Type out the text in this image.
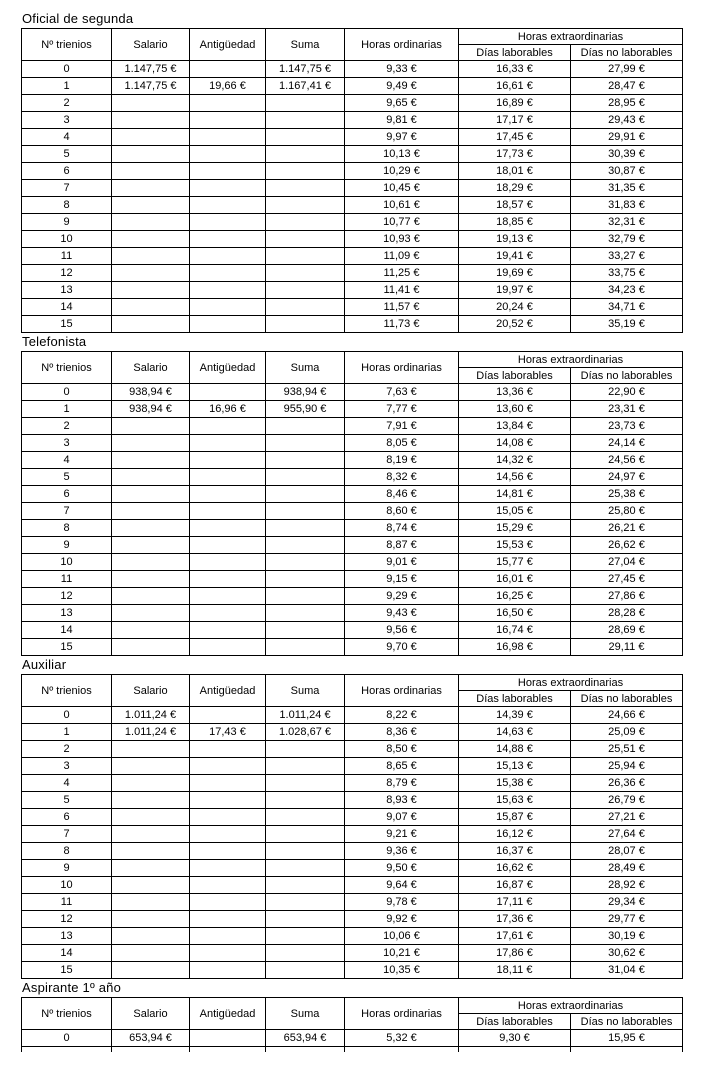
Oficial de segunda
Nº trienios	Salario	Antigüedad	Suma	Horas ordinarias	Horas extraordinarias	
					Días laborables	Días no laborables
0	1.147,75 €		1.147,75 €	9,33 €	16,33 €	27,99 €
1	1.147,75 €	19,66 €	1.167,41 €	9,49 €	16,61 €	28,47 €
2				9,65 €	16,89 €	28,95 €
3				9,81 €	17,17 €	29,43 €
4				9,97 €	17,45 €	29,91 €
5				10,13 €	17,73 €	30,39 €
6				10,29 €	18,01 €	30,87 €
7				10,45 €	18,29 €	31,35 €
8				10,61 €	18,57 €	31,83 €
9				10,77 €	18,85 €	32,31 €
10				10,93 €	19,13 €	32,79 €
11				11,09 €	19,41 €	33,27 €
12				11,25 €	19,69 €	33,75 €
13				11,41 €	19,97 €	34,23 €
14				11,57 €	20,24 €	34,71 €
15				11,73 €	20,52 €	35,19 €
Telefonista
Nº trienios	Salario	Antigüedad	Suma	Horas ordinarias	Horas extraordinarias	
					Días laborables	Días no laborables
0	938,94 €		938,94 €	7,63 €	13,36 €	22,90 €
1	938,94 €	16,96 €	955,90 €	7,77 €	13,60 €	23,31 €
2				7,91 €	13,84 €	23,73 €
3				8,05 €	14,08 €	24,14 €
4				8,19 €	14,32 €	24,56 €
5				8,32 €	14,56 €	24,97 €
6				8,46 €	14,81 €	25,38 €
7				8,60 €	15,05 €	25,80 €
8				8,74 €	15,29 €	26,21 €
9				8,87 €	15,53 €	26,62 €
10				9,01 €	15,77 €	27,04 €
11				9,15 €	16,01 €	27,45 €
12				9,29 €	16,25 €	27,86 €
13				9,43 €	16,50 €	28,28 €
14				9,56 €	16,74 €	28,69 €
15				9,70 €	16,98 €	29,11 €
Auxiliar
Nº trienios	Salario	Antigüedad	Suma	Horas ordinarias	Horas extraordinarias	
					Días laborables	Días no laborables
0	1.011,24 €		1.011,24 €	8,22 €	14,39 €	24,66 €
1	1.011,24 €	17,43 €	1.028,67 €	8,36 €	14,63 €	25,09 €
2				8,50 €	14,88 €	25,51 €
3				8,65 €	15,13 €	25,94 €
4				8,79 €	15,38 €	26,36 €
5				8,93 €	15,63 €	26,79 €
6				9,07 €	15,87 €	27,21 €
7				9,21 €	16,12 €	27,64 €
8				9,36 €	16,37 €	28,07 €
9				9,50 €	16,62 €	28,49 €
10				9,64 €	16,87 €	28,92 €
11				9,78 €	17,11 €	29,34 €
12				9,92 €	17,36 €	29,77 €
13				10,06 €	17,61 €	30,19 €
14				10,21 €	17,86 €	30,62 €
15				10,35 €	18,11 €	31,04 €
Aspirante 1º año
Nº trienios	Salario	Antigüedad	Suma	Horas ordinarias	Horas extraordinarias	
					Días laborables	Días no laborables
0	653,94 €		653,94 €	5,32 €	9,30 €	15,95 €
